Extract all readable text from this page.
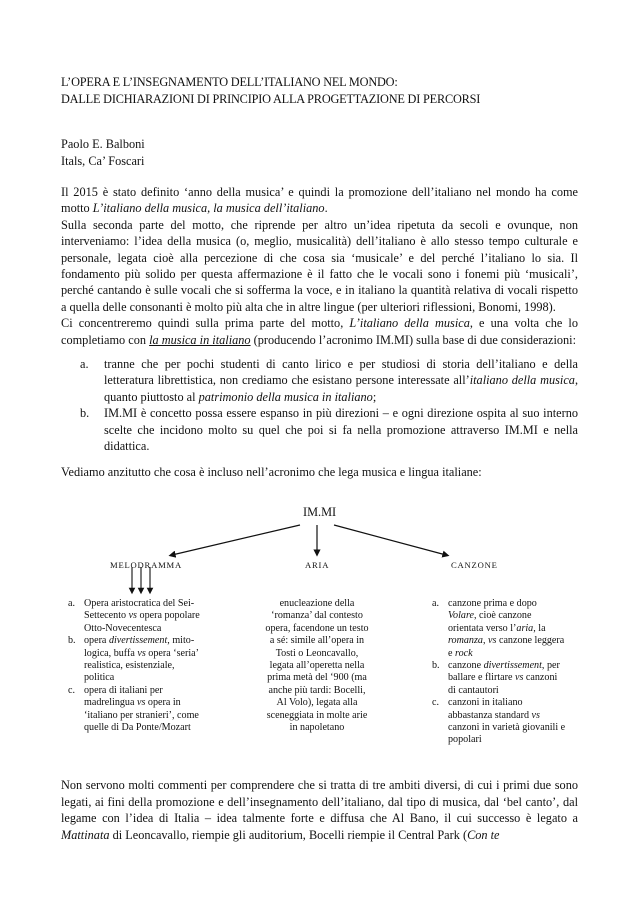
L’OPERA E L’INSEGNAMENTO DELL’ITALIANO NEL MONDO:
DALLE DICHIARAZIONI DI PRINCIPIO ALLA PROGETTAZIONE DI PERCORSI
Paolo E. Balboni
Itals, Ca’ Foscari

Il 2015 è stato definito ‘anno della musica’ e quindi la promozione dell’italiano nel mondo ha come motto L’italiano della musica, la musica dell’italiano.

Sulla seconda parte del motto, che riprende per altro un’idea ripetuta da secoli e ovunque, non interveniamo: l’idea della musica (o, meglio, musicalità) dell’italiano è allo stesso tempo culturale e personale, legata cioè alla percezione di che cosa sia ‘musicale’ e del perché l’italiano lo sia. Il fondamento più solido per questa affermazione è il fatto che le vocali sono i fonemi più ‘musicali’, perché cantando è sulle vocali che si sofferma la voce, e in italiano la quantità relativa di vocali rispetto a quella delle consonanti è molto più alta che in altre lingue (per ulteriori riflessioni, Bonomi, 1998).

Ci concentreremo quindi sulla prima parte del motto, L’italiano della musica, e una volta che lo completiamo con la musica in italiano (producendo l’acronimo IM.MI) sulla base di due considerazioni:

a. tranne che per pochi studenti di canto lirico e per studiosi di storia dell’italiano e della letteratura librettistica, non crediamo che esistano persone interessate all’italiano della musica, quanto piuttosto al patrimonio della musica in italiano;
b. IM.MI è concetto possa essere espanso in più direzioni – e ogni direzione ospita al suo interno scelte che incidono molto su quel che poi si fa nella promozione attraverso IM.MI e nella didattica.

Vediamo anzitutto che cosa è incluso nell’acronimo che lega musica e lingua italiane:

IM.MI
MELODRAMMA	ARIA	CANZONE
a. Opera aristocratica del Sei-
Settecento vs opera popolare
Otto-Novecentesca
b. opera divertissement, mito-
logica, buffa vs opera ‘seria’
realistica, esistenziale,
politica
c. opera di italiani per
madrelingua vs opera in
‘italiano per stranieri’, come
quelle di Da Ponte/Mozart
enucleazione della
‘romanza’ dal contesto
opera, facendone un testo
a sé: simile all’opera in
Tosti o Leoncavallo,
legata all’operetta nella
prima metà del ‘900 (ma
anche più tardi: Bocelli,
Al Volo), legata alla
sceneggiata in molte arie
in napoletano
a. canzone prima e dopo
Volare, cioè canzone
orientata verso l’aria, la
romanza, vs canzone leggera
e rock
b. canzone divertissement, per
ballare e flirtare vs canzoni
di cantautori
c. canzoni in italiano
abbastanza standard vs
canzoni in varietà giovanili e
popolari
Non servono molti commenti per comprendere che si tratta di tre ambiti diversi, di cui i primi due sono legati, ai fini della promozione e dell’insegnamento dell’italiano, dal tipo di musica, dal ‘bel canto’, dal legame con l’idea di Italia – idea talmente forte e diffusa che Al Bano, il cui successo è legato a Mattinata di Leoncavallo, riempie gli auditorium, Bocelli riempie il Central Park (Con te
